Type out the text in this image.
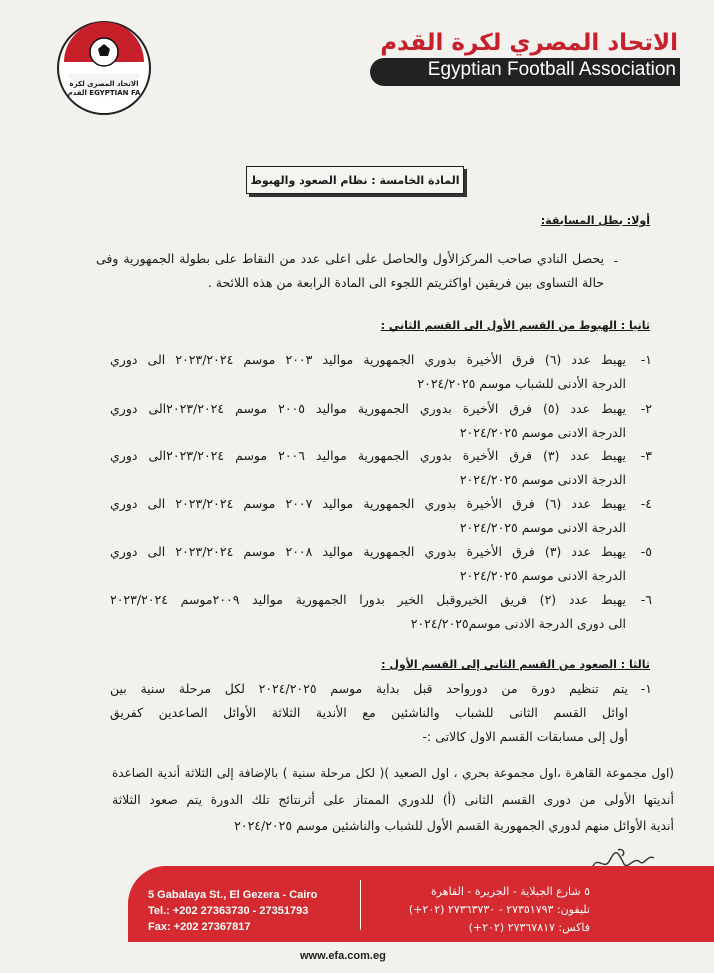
الاتحاد المصرى لكرة القدم EGYPTIAN FA
الاتحاد المصري لكرة القدم
Egyptian Football Association
المادة الخامسة : نظام الصعود والهبوط
أولا: بطل المسابقة:
-
يحصل النادي صاحب المركزالأول والحاصل على اعلى عدد من النقاط على بطولة الجمهورية وفى
حالة التساوى بين فريقين اواكثريتم اللجوء الى المادة الرابعة من هذه اللائحة .
ثانيا : الهبوط من القسم الأول الى القسم الثاني :
١-
يهبط عدد (٦) فرق الأخيرة بدوري الجمهورية مواليد ٢٠٠٣ موسم ٢٠٢٣/٢٠٢٤ الى دوري
الدرجة الأدنى للشباب موسم ٢٠٢٤/٢٠٢٥
٢-
يهبط عدد (٥) فرق الأخيرة بدوري الجمهورية مواليد ٢٠٠٥ موسم ٢٠٢٣/٢٠٢٤الى دوري
الدرجة الادنى موسم ٢٠٢٤/٢٠٢٥
٣-
يهبط عدد (٣) فرق الأخيرة بدوري الجمهورية مواليد ٢٠٠٦ موسم ٢٠٢٣/٢٠٢٤الى دوري
الدرجة الادنى موسم ٢٠٢٤/٢٠٢٥
٤-
يهبط عدد (٦) فرق الأخيرة بدوري الجمهورية مواليد ٢٠٠٧ موسم ٢٠٢٣/٢٠٢٤ الى دوري
الدرجة الادنى موسم ٢٠٢٤/٢٠٢٥
٥-
يهبط عدد (٣) فرق الأخيرة بدوري الجمهورية مواليد ٢٠٠٨ موسم ٢٠٢٣/٢٠٢٤ الى دوري
الدرجة الادنى موسم ٢٠٢٤/٢٠٢٥
٦-
يهبط عدد (٢) فريق الخيروقبل الخير بدورا الجمهورية مواليد ٢٠٠٩موسم ٢٠٢٣/٢٠٢٤
الى دورى الدرجة الادنى موسم٢٠٢٤/٢٠٢٥
ثالثا : الصعود من القسم الثاني إلى القسم الأول :
١-
يتم تنظيم دورة من دورواحد قبل بداية موسم ٢٠٢٤/٢٠٢٥ لكل مرحلة سنية بين
اوائل القسم الثانى للشباب والناشئين مع الأندية الثلاثة الأوائل الصاعدين كفريق
أول إلى مسابقات القسم الاول كالاتى :-
(اول مجموعة القاهرة ،اول مجموعة بحري ، اول الصعيد )( لكل مرحلة سنية ) بالإضافة إلى الثلاثة أندية الصاعدة
أنديتها الأولى من دورى القسم الثانى (أ) للدوري الممتاز على أثرنتائج تلك الدورة يتم صعود الثلاثة
أندية الأوائل منهم لدوري الجمهورية القسم الأول للشباب والناشئين موسم ٢٠٢٤/٢٠٢٥
5 Gabalaya St., El Gezera - Cairo
Tel.: +202 27363730 - 27351793
Fax: +202 27367817
٥ شارع الجبلاية - الجزيرة - القاهرة
تليفون: ٢٧٣٥١٧٩٣ - ٢٧٣٦٣٧٣٠ (٢٠٢+)
فاكس: ٢٧٣٦٧٨١٧ (٢٠٢+)
www.efa.com.eg
